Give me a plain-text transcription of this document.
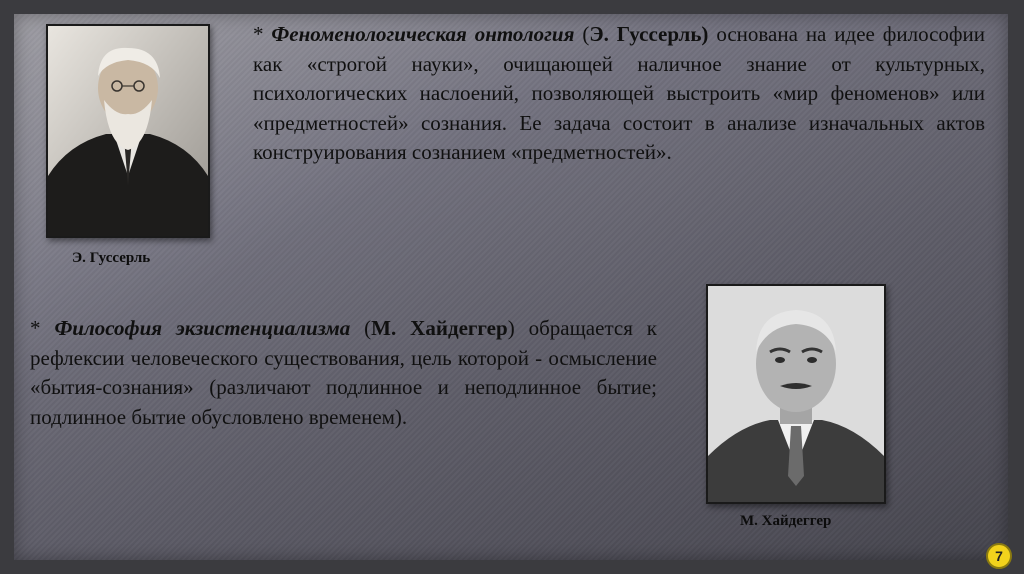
Э. Гуссерль
* Феноменологическая онтология (Э. Гуссерль) основана на идее философии как «строгой науки», очищающей наличное знание от культурных, психологических наслоений, позволяющей выстроить «мир феноменов» или «предметностей» сознания. Ее задача состоит в анализе изначальных актов конструирования сознанием «предметностей».
* Философия экзистенциализма (М. Хайдеггер) обращается к рефлексии человеческого существования, цель которой - осмысление «бытия-сознания» (различают подлинное и неподлинное бытие; подлинное бытие обусловлено временем).
М. Хайдеггер
7
